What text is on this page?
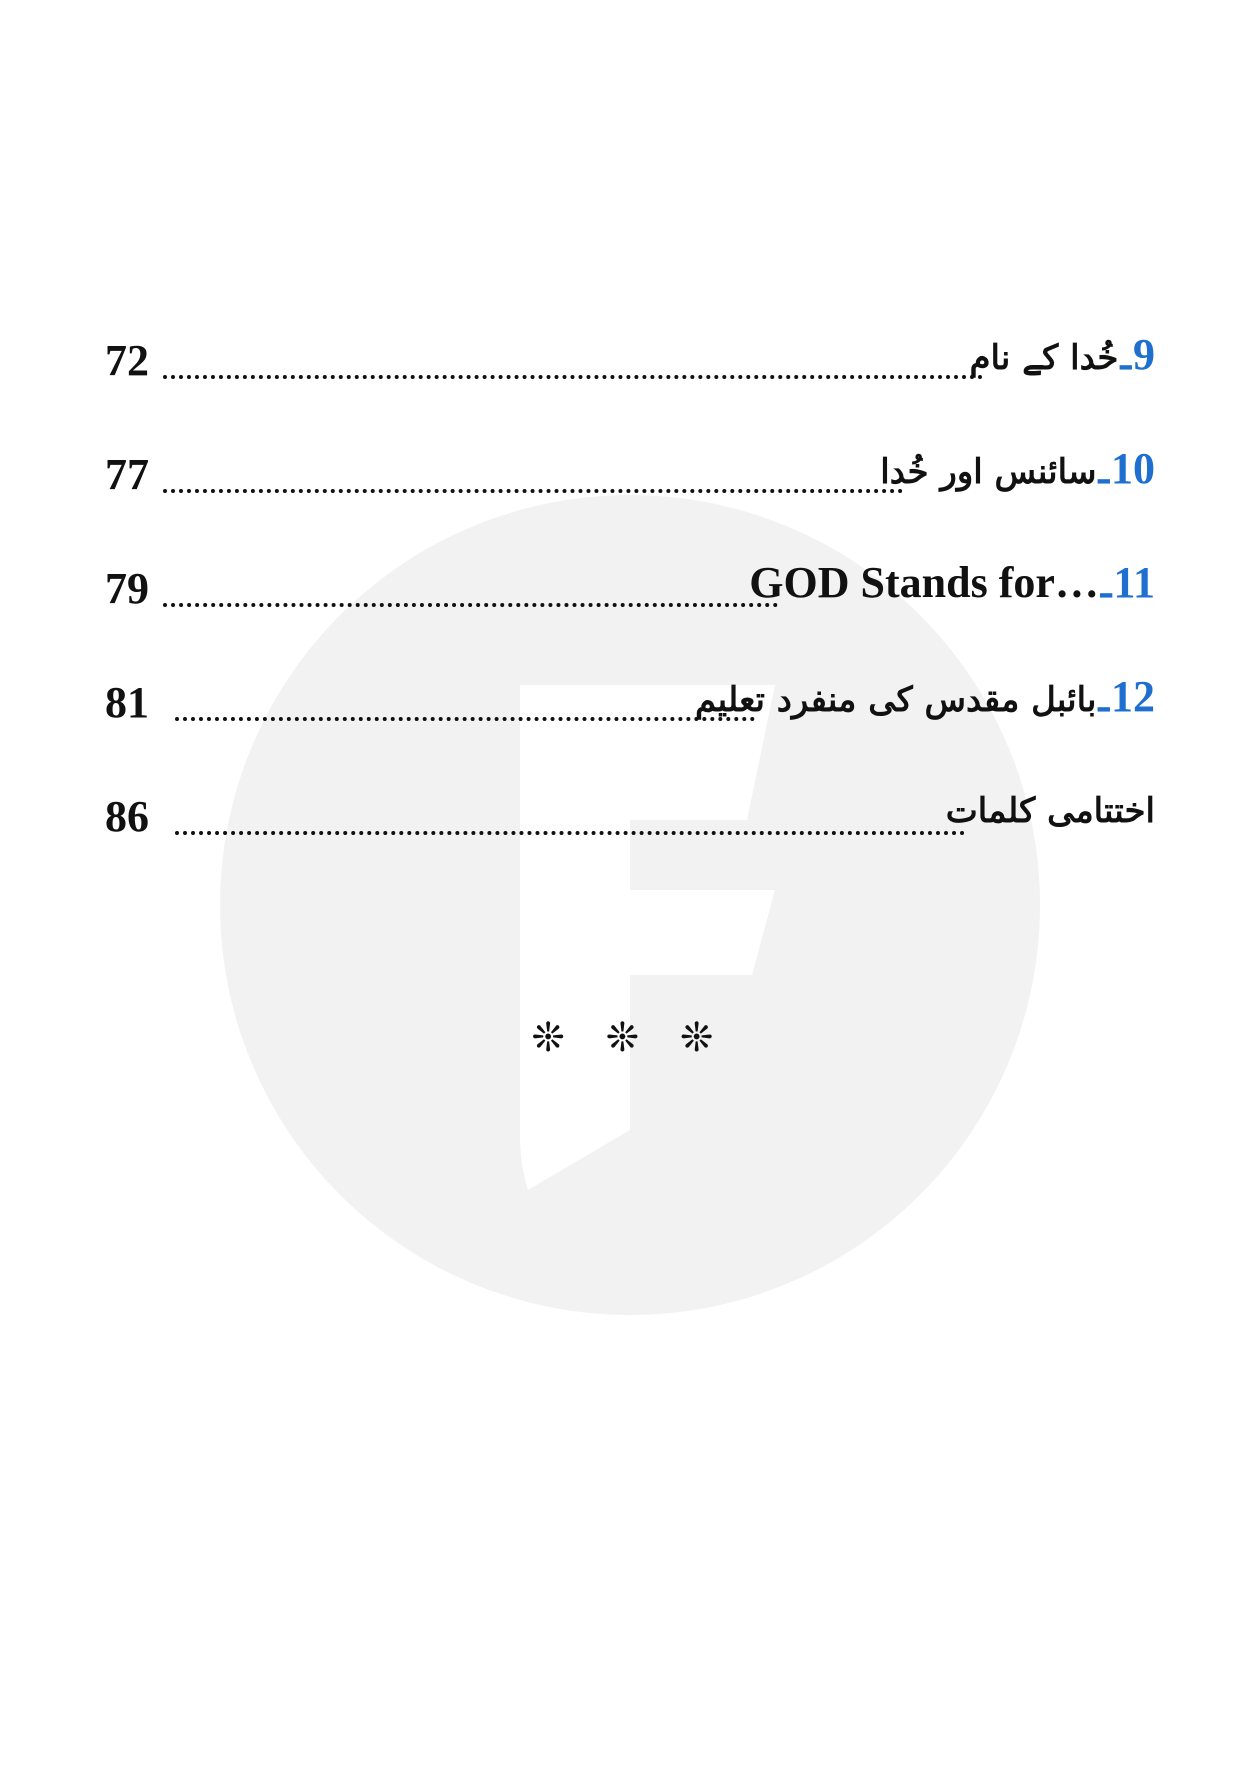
72	خُدا کے نام ـ 9
77	سائنس اور خُدا ـ 10
79	GOD Stands for… ـ 11
81	بائبل مقدس کی منفرد تعلیم ـ 12
86	اختتامی کلمات
❊ ❊ ❊
